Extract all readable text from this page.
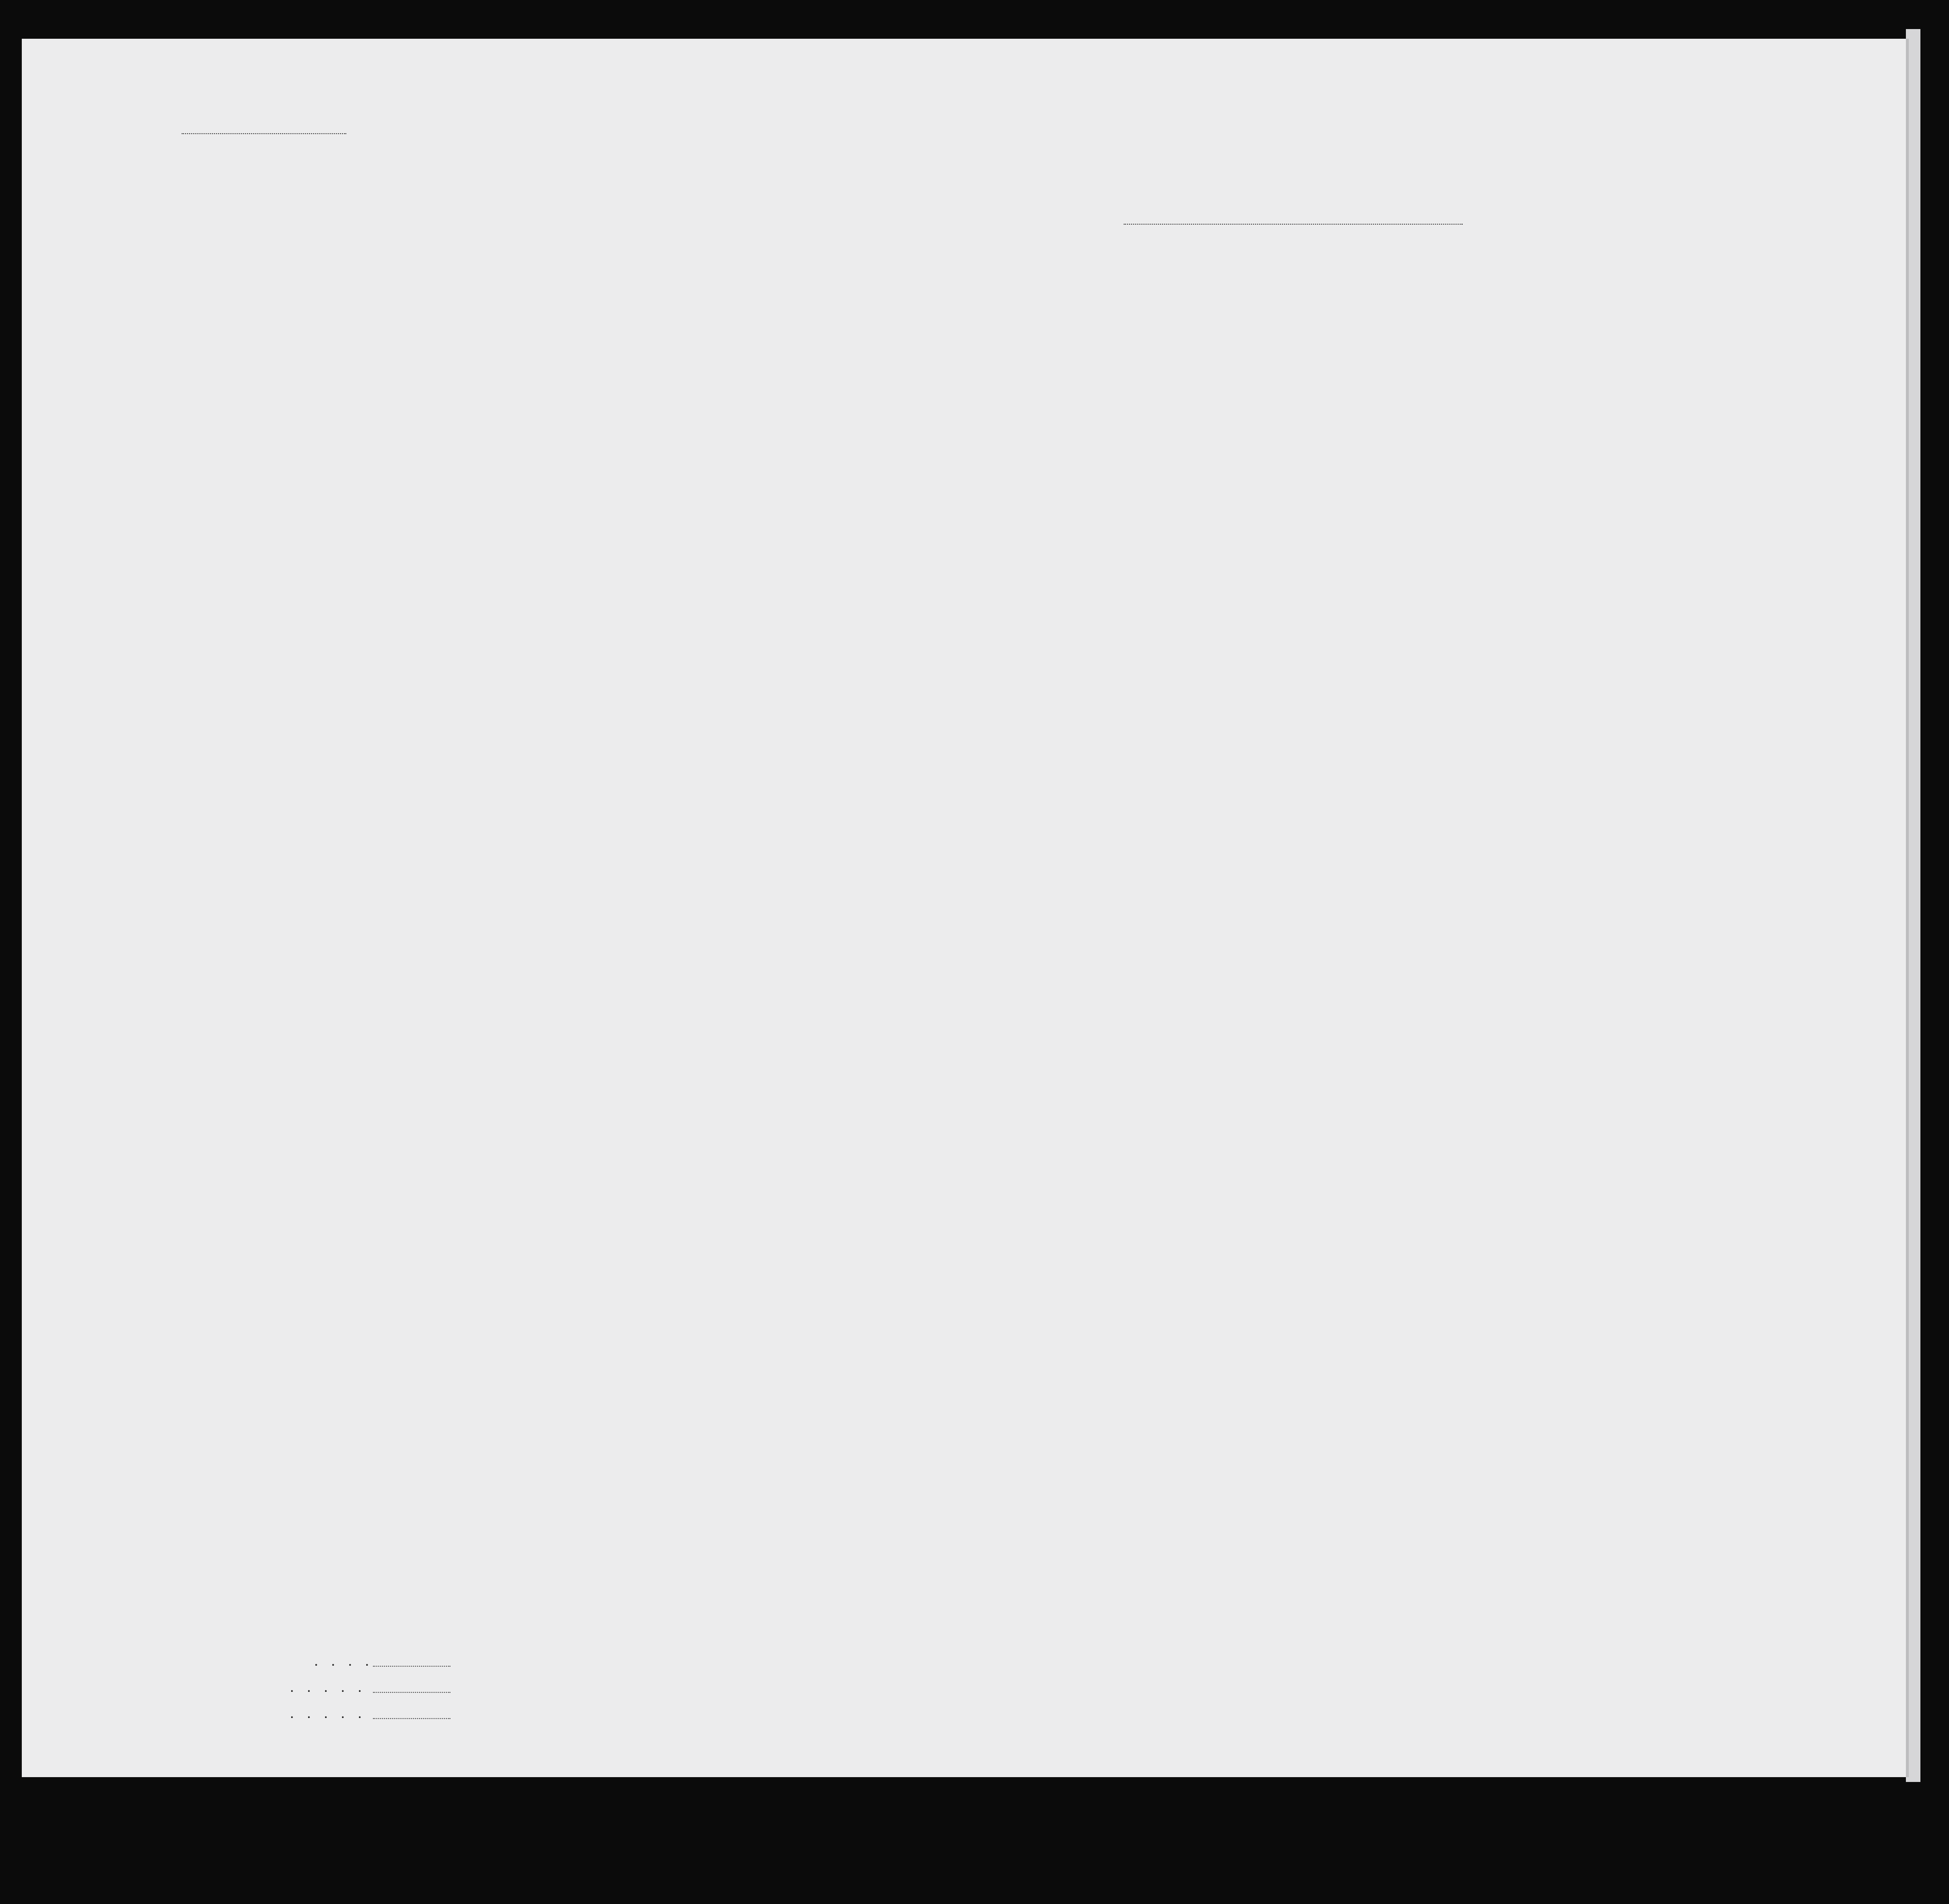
. . . .
. . . . .
. . . . .
